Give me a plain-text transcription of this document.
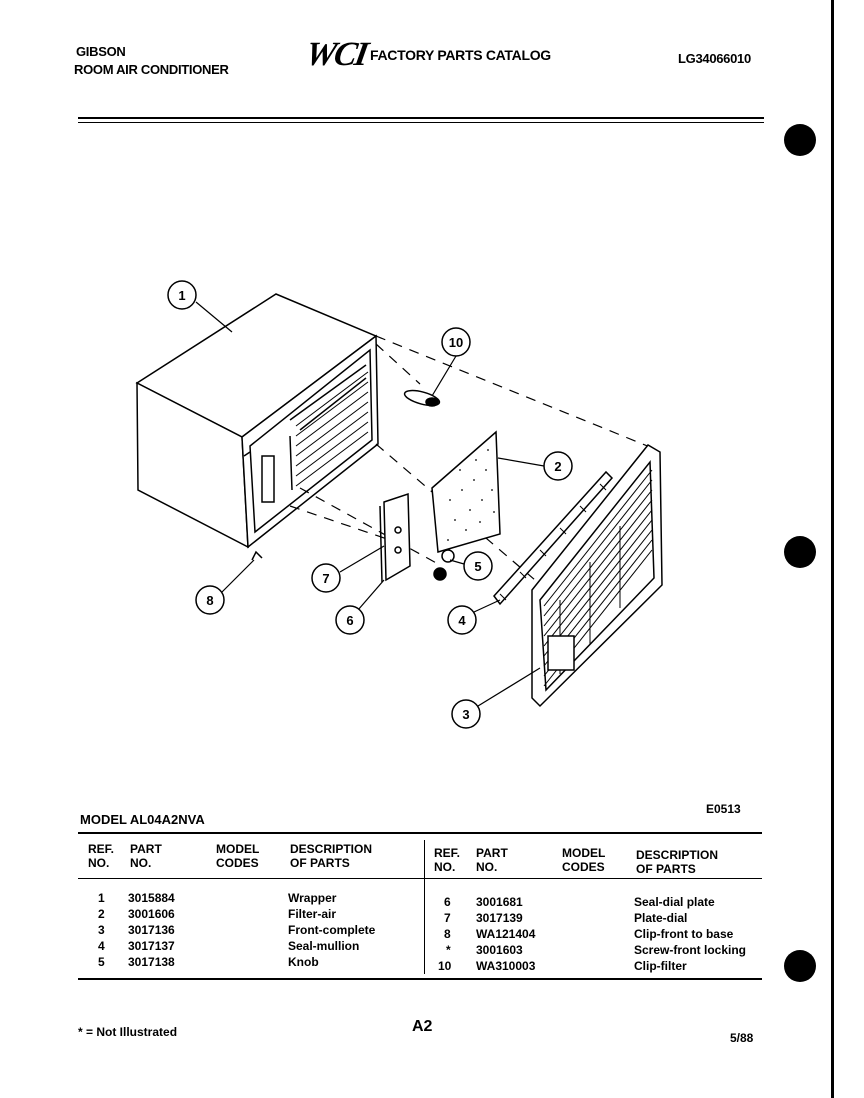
GIBSON
ROOM AIR CONDITIONER WCI FACTORY PARTS CATALOG	LG34066010
1
10
2
5
7
8
6	4
3
E0513
MODEL AL04A2NVA
REF.
NO.
PART
NO.
MODEL
CODES
DESCRIPTION
OF PARTS
REF.
NO.
PART
NO.
MODEL
CODES
DESCRIPTION
OF PARTS
1 3015884	Wrapper
2 3001606	Filter-air
3 3017136	Front-complete
4 3017137	Seal-mullion
5 3017138	Knob
6 3001681	Seal-dial plate
7 3017139	Plate-dial
8 WA121404	Clip-front to base
* 3001603	Screw-front locking
10 WA310003	Clip-filter
* = Not Illustrated	A2
5/88
